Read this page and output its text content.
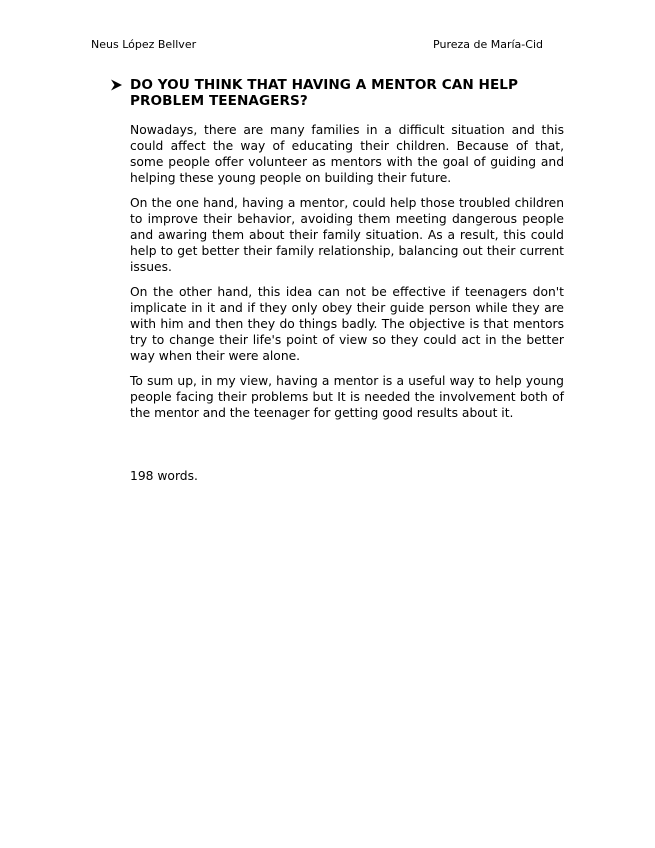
Neus López Bellver	Pureza de María-Cid
DO YOU THINK THAT HAVING A MENTOR CAN HELP PROBLEM TEENAGERS?

Nowadays, there are many families in a difficult situation and this could affect the way of educating their children. Because of that, some people offer volunteer as mentors with the goal of guiding and helping these young people on building their future.

On the one hand, having a mentor, could help those troubled children to improve their behavior, avoiding them meeting dangerous people and awaring them about their family situation. As a result, this could help to get better their family relationship, balancing out their current issues.

On the other hand, this idea can not be effective if teenagers don't implicate in it and if they only obey their guide person while they are with him and then they do things badly. The objective is that mentors try to change their life's point of view so they could act in the better way when their were alone.

To sum up, in my view, having a mentor is a useful way to help young people facing their problems but It is needed the involvement both of the mentor and the teenager for getting good results about it.

198 words.
